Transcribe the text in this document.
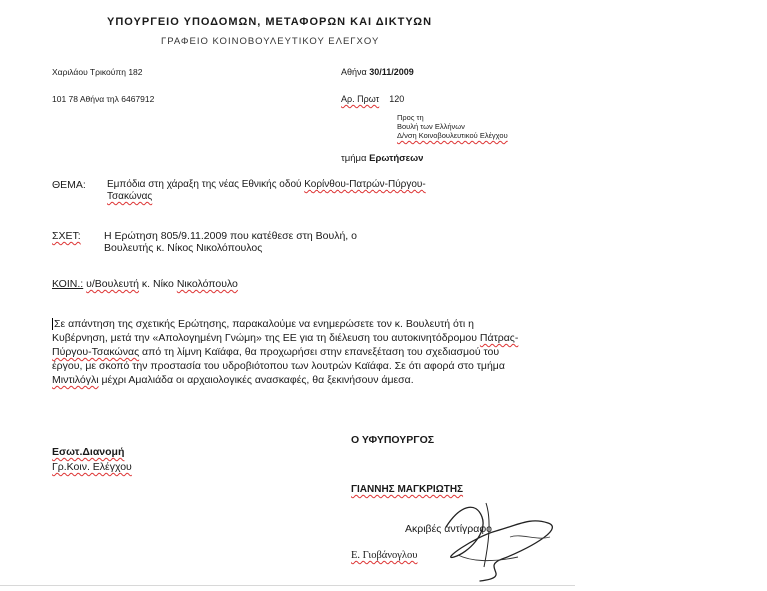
ΥΠΟΥΡΓΕΙΟ ΥΠΟΔΟΜΩΝ, ΜΕΤΑΦΟΡΩΝ ΚΑΙ ΔΙΚΤΥΩΝ
ΓΡΑΦΕΙΟ ΚΟΙΝΟΒΟΥΛΕΥΤΙΚΟΥ ΕΛΕΓΧΟΥ
Χαριλάου Τρικούπη 182
101 78 Αθήνα τηλ 6467912
Αθήνα 30/11/2009
Αρ. Πρωτ 120
Προς τη
Βουλή των Ελλήνων
Δ/νση Κοινοβουλευτικού Ελέγχου
τμήμα Ερωτήσεων
ΘΕΜΑ: Εμπόδια στη χάραξη της νέας Εθνικής οδού Κορίνθου-Πατρών-Πύργου-Τσακώνας
ΣΧΕΤ: Η Ερώτηση 805/9.11.2009 που κατέθεσε στη Βουλή, ο Βουλευτής κ. Νίκος Νικολόπουλος
ΚΟΙΝ.: υ/Βουλευτή κ. Νίκο Νικολόπουλο
Σε απάντηση της σχετικής Ερώτησης, παρακαλούμε να ενημερώσετε τον κ. Βουλευτή ότι η Κυβέρνηση, μετά την «Απολογημένη Γνώμη» της ΕΕ για τη διέλευση του αυτοκινητόδρομου Πάτρας-Πύργου-Τσακώνας από τη λίμνη Καϊάφα, θα προχωρήσει στην επανεξέταση του σχεδιασμού του έργου, με σκοπό την προστασία του υδροβιότοπου των λουτρών Καϊάφα. Σε ότι αφορά στο τμήμα Μιντιλόγλι μέχρι Αμαλιάδα οι αρχαιολογικές ανασκαφές, θα ξεκινήσουν άμεσα.
Ο ΥΦΥΠΟΥΡΓΟΣ
Εσωτ.Διανομή
Γρ.Κοιν. Ελέγχου
ΓΙΑΝΝΗΣ ΜΑΓΚΡΙΩΤΗΣ
Ακριβές αντίγραφο
Ε. Γιοβάνογλου
